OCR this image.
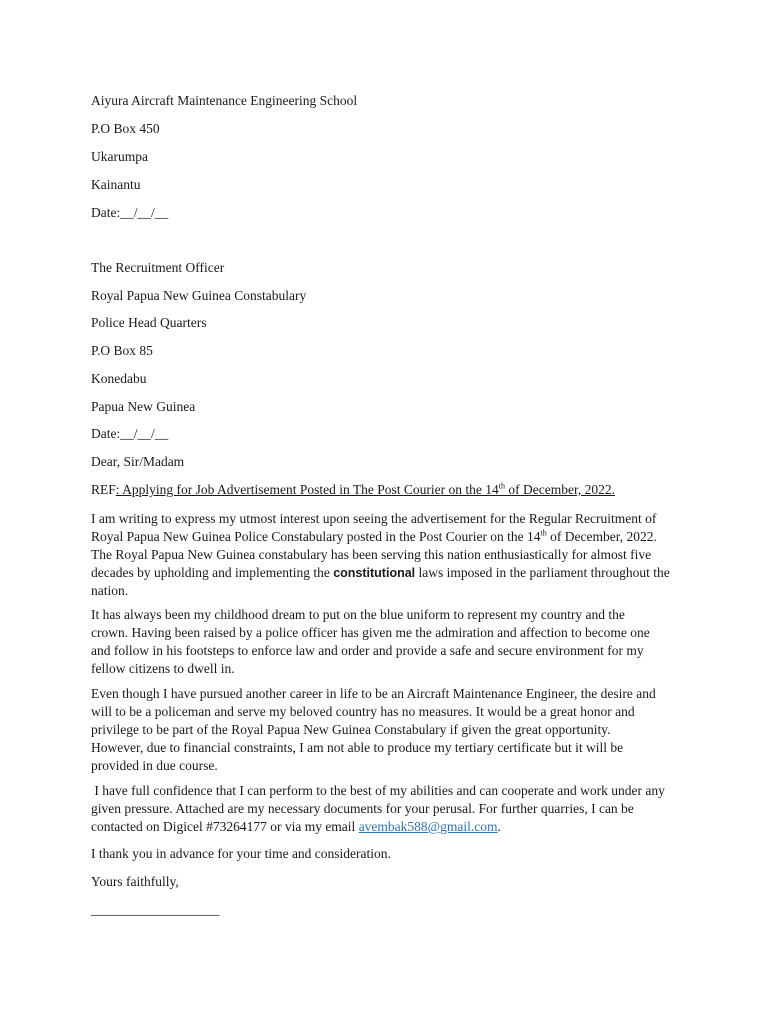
Aiyura Aircraft Maintenance Engineering School
P.O Box 450
Ukarumpa
Kainantu
Date:__/__/__
The Recruitment Officer
Royal Papua New Guinea Constabulary
Police Head Quarters
P.O Box 85
Konedabu
Papua New Guinea
Date:__/__/__
Dear, Sir/Madam
REF: Applying for Job Advertisement Posted in The Post Courier on the 14th of December, 2022.
I am writing to express my utmost interest upon seeing the advertisement for the Regular Recruitment of
Royal Papua New Guinea Police Constabulary posted in the Post Courier on the 14th of December, 2022.
The Royal Papua New Guinea constabulary has been serving this nation enthusiastically for almost five
decades by upholding and implementing the constitutional laws imposed in the parliament throughout the
nation.
It has always been my childhood dream to put on the blue uniform to represent my country and the
crown. Having been raised by a police officer has given me the admiration and affection to become one
and follow in his footsteps to enforce law and order and provide a safe and secure environment for my
fellow citizens to dwell in.
Even though I have pursued another career in life to be an Aircraft Maintenance Engineer, the desire and
will to be a policeman and serve my beloved country has no measures. It would be a great honor and
privilege to be part of the Royal Papua New Guinea Constabulary if given the great opportunity.
However, due to financial constraints, I am not able to produce my tertiary certificate but it will be
provided in due course.
I have full confidence that I can perform to the best of my abilities and can cooperate and work under any
given pressure. Attached are my necessary documents for your perusal. For further quarries, I can be
contacted on Digicel #73264177 or via my email avembak588@gmail.com.
I thank you in advance for your time and consideration.
Yours faithfully,
___________________
